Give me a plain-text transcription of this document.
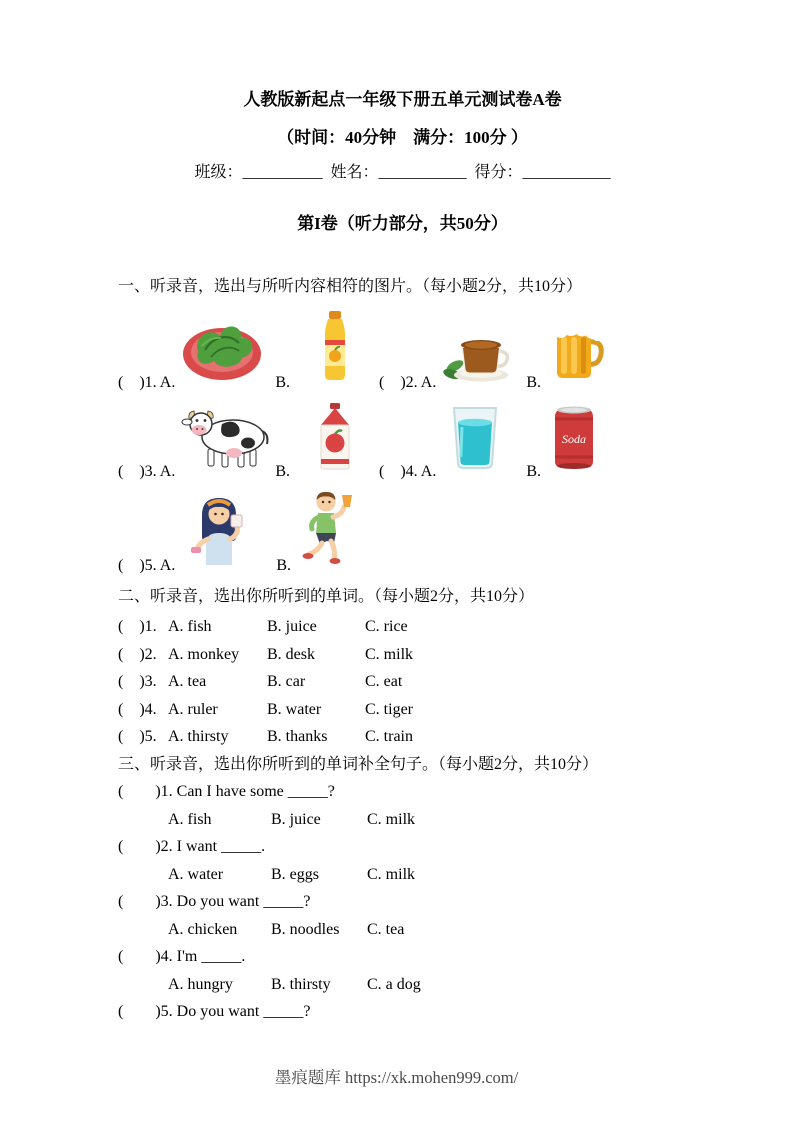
人教版新起点一年级下册五单元测试卷A卷
（时间：40分钟　满分：100分 ）
班级：__________  姓名：___________  得分：___________
第I卷（听力部分，共50分）
一、听录音，选出与所听内容相符的图片。（每小题2分，共10分）
(　)1. A.	B.	(　)2. A.	B.
(　)3. A.	B.	(　)4. A.	B.
Soda
(　)5. A.	B.
二、听录音，选出你所听到的单词。（每小题2分，共10分）
(　)1. A. fish	B. juice	C. rice
(　)2. A. monkey	B. desk	C. milk
(　)3. A. tea	B. car	C. eat
(　)4. A. ruler	B. water	C. tiger
(　)5. A. thirsty	B. thanks	C. train
三、听录音，选出你所听到的单词补全句子。（每小题2分，共10分）
(　　)1. Can I have some _____?
A. fish	B. juice	C. milk
(　　)2. I want _____.
A. water	B. eggs	C. milk
(　　)3. Do you want _____?
A. chicken	B. noodles	C. tea
(　　)4. I'm _____.
A. hungry	B. thirsty	C. a dog
(　　)5. Do you want _____?
墨痕题库 https://xk.mohen999.com/
